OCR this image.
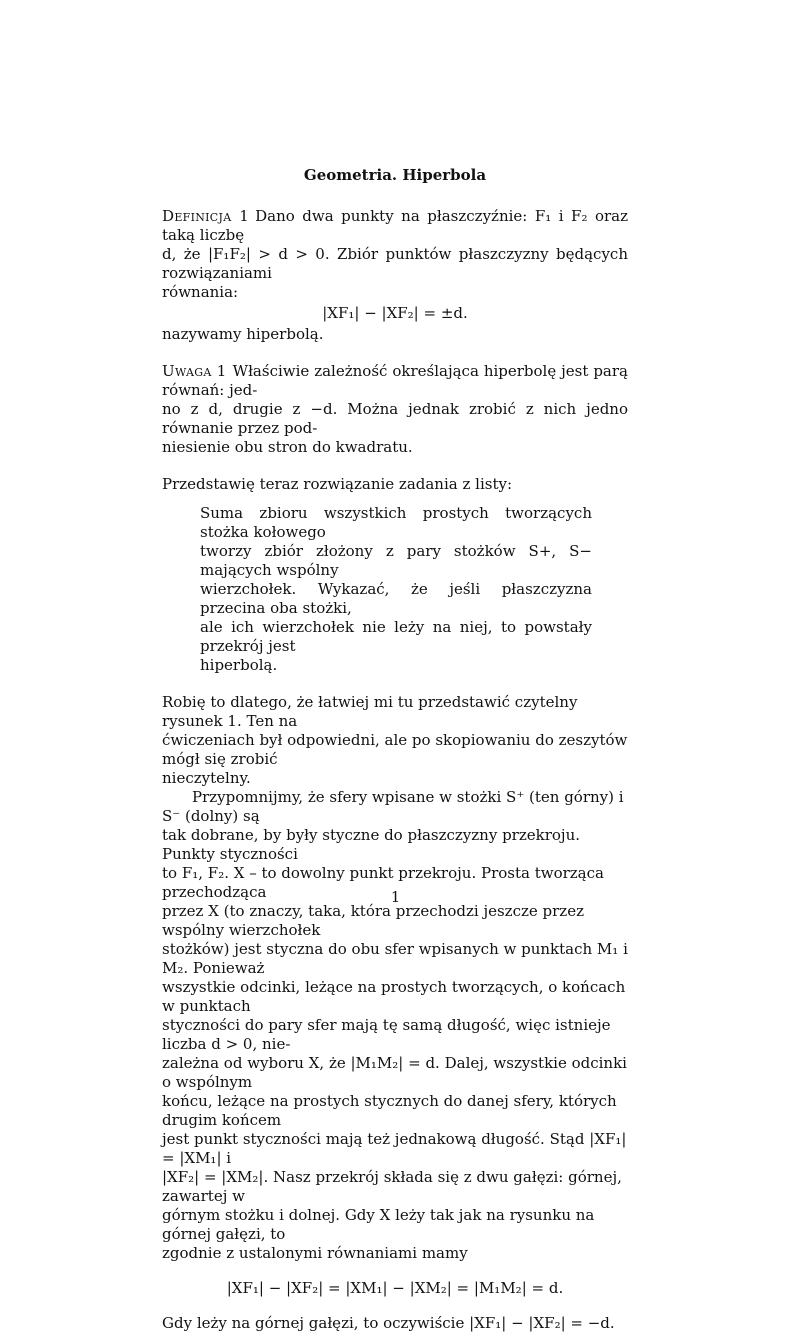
Geometria. Hiperbola
Definicja 1 Dano dwa punkty na płaszczyźnie: F₁ i F₂ oraz taką liczbę
d, że |F₁F₂| > d > 0. Zbiór punktów płaszczyzny będących rozwiązaniami
równania:
|XF₁| − |XF₂| = ±d.
nazywamy hiperbolą.
Uwaga 1 Właściwie zależność określająca hiperbolę jest parą równań: jed-
no z d, drugie z −d. Można jednak zrobić z nich jedno równanie przez pod-
niesienie obu stron do kwadratu.
Przedstawię teraz rozwiązanie zadania z listy:
Suma zbioru wszystkich prostych tworzących stożka kołowego
tworzy zbiór złożony z pary stożków S+, S− mających wspólny
wierzchołek. Wykazać, że jeśli płaszczyzna przecina oba stożki,
ale ich wierzchołek nie leży na niej, to powstały przekrój jest
hiperbolą.
Robię to dlatego, że łatwiej mi tu przedstawić czytelny rysunek 1. Ten na
ćwiczeniach był odpowiedni, ale po skopiowaniu do zeszytów mógł się zrobić
nieczytelny.
Przypomnijmy, że sfery wpisane w stożki S⁺ (ten górny) i S⁻ (dolny) są
tak dobrane, by były styczne do płaszczyzny przekroju. Punkty styczności
to F₁, F₂. X – to dowolny punkt przekroju. Prosta tworząca przechodząca
przez X (to znaczy, taka, która przechodzi jeszcze przez wspólny wierzchołek
stożków) jest styczna do obu sfer wpisanych w punktach M₁ i M₂. Ponieważ
wszystkie odcinki, leżące na prostych tworzących, o końcach w punktach
styczności do pary sfer mają tę samą długość, więc istnieje liczba d > 0, nie-
zależna od wyboru X, że |M₁M₂| = d. Dalej, wszystkie odcinki o wspólnym
końcu, leżące na prostych stycznych do danej sfery, których drugim końcem
jest punkt styczności mają też jednakową długość. Stąd |XF₁| = |XM₁| i
|XF₂| = |XM₂|. Nasz przekrój składa się z dwu gałęzi: górnej, zawartej w
górnym stożku i dolnej. Gdy X leży tak jak na rysunku na górnej gałęzi, to
zgodnie z ustalonymi równaniami mamy
|XF₁| − |XF₂| = |XM₁| − |XM₂| = |M₁M₂| = d.
Gdy leży na górnej gałęzi, to oczywiście |XF₁| − |XF₂| = −d.
1
